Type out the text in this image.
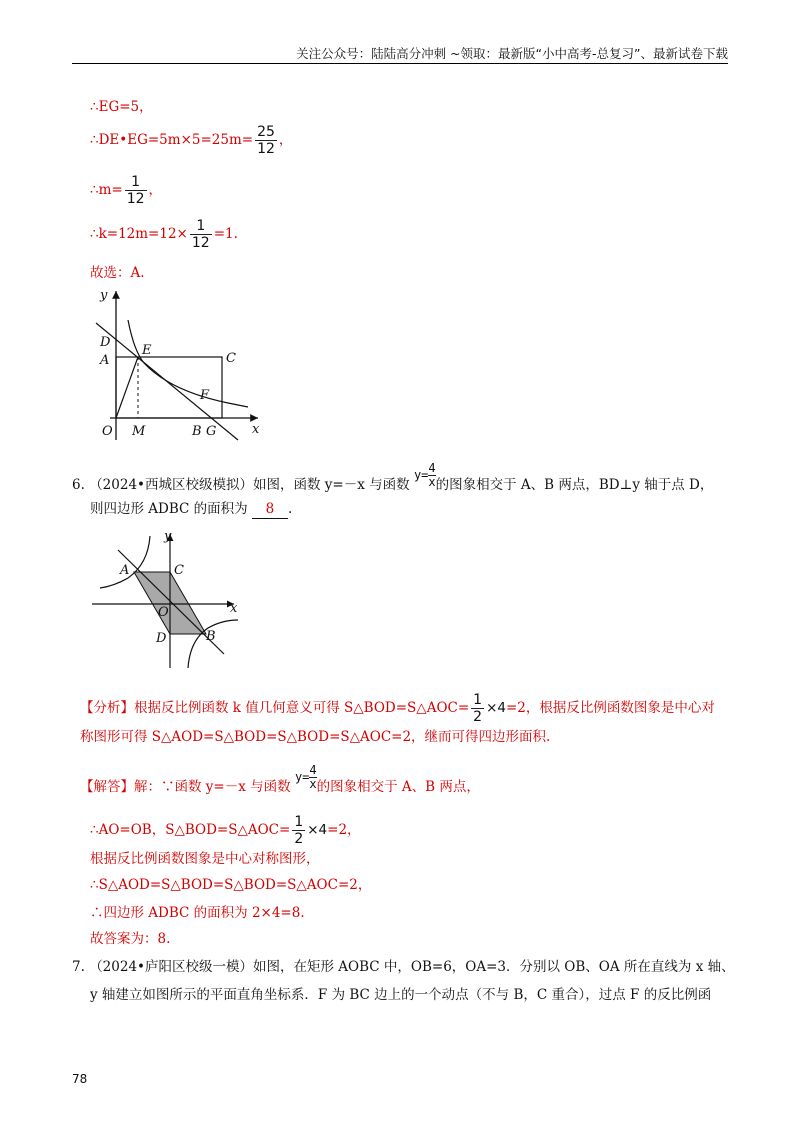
关注公众号：陆陆高分冲刺 ~领取：最新版“小中高考-总复习”、最新试卷下载
∴EG=5，
∴DE•EG=5m×5=25m= $\frac{25}{12}$ ，
∴m= $\frac{1}{12}$ ，
∴k=12m=12× $\frac{1}{12} =1$.
故选：A.
y
x
D
A
E
C
F
O M	B G
6. （2024•西城区校级模拟）如图，函数 y=－x 与函数 $y= \frac{4}{x}$ 的图象相交于 A、B 两点，BD⊥y 轴于点 D，
则四边形 ADBC 的面积为 8 .
y
x
A	C
O
D	B
【分析】根据反比例函数 k 值几何意义可得 S△BOD=S△AOC= $\frac{1}{2} \times 4=2$，根据反比例函数图象是中心对
称图形可得 S△AOD=S△BOD=S△BOD=S△AOC=2，继而可得四边形面积.
【解答】解：∵函数 y=－x 与函数 $y= \frac{4}{x}$ 的图象相交于 A、B 两点，
∴AO=OB，S△BOD=S△AOC= $\frac{1}{2} \times 4=2$，
根据反比例函数图象是中心对称图形，
∴S△AOD=S△BOD=S△BOD=S△AOC=2，
∴四边形 ADBC 的面积为 2×4=8.
故答案为：8.
7. （2024•庐阳区校级一模）如图，在矩形 AOBC 中，OB=6，OA=3．分别以 OB、OA 所在直线为 x 轴、
y 轴建立如图所示的平面直角坐标系．F 为 BC 边上的一个动点（不与 B，C 重合），过点 F 的反比例函
78
